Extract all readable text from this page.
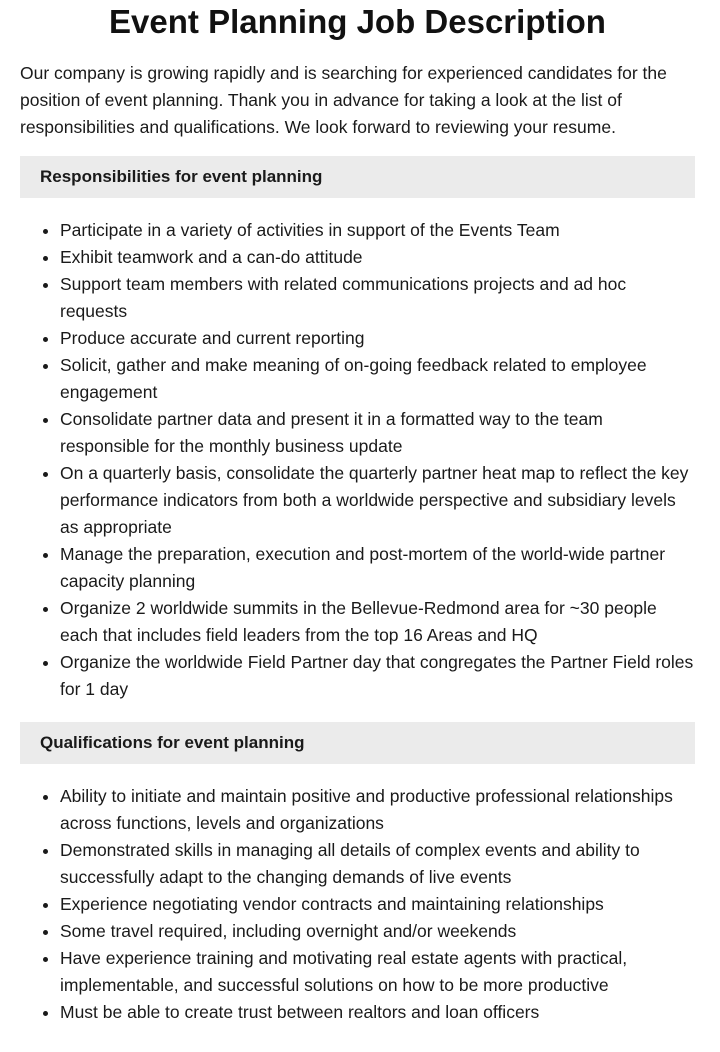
Event Planning Job Description

Our company is growing rapidly and is searching for experienced candidates for the position of event planning. Thank you in advance for taking a look at the list of responsibilities and qualifications. We look forward to reviewing your resume.

Responsibilities for event planning
• Participate in a variety of activities in support of the Events Team
• Exhibit teamwork and a can-do attitude
• Support team members with related communications projects and ad hoc requests
• Produce accurate and current reporting
• Solicit, gather and make meaning of on-going feedback related to employee engagement
• Consolidate partner data and present it in a formatted way to the team responsible for the monthly business update
• On a quarterly basis, consolidate the quarterly partner heat map to reflect the key performance indicators from both a worldwide perspective and subsidiary levels as appropriate
• Manage the preparation, execution and post-mortem of the world-wide partner capacity planning
• Organize 2 worldwide summits in the Bellevue-Redmond area for ~30 people each that includes field leaders from the top 16 Areas and HQ
• Organize the worldwide Field Partner day that congregates the Partner Field roles for 1 day
Qualifications for event planning
• Ability to initiate and maintain positive and productive professional relationships across functions, levels and organizations
• Demonstrated skills in managing all details of complex events and ability to successfully adapt to the changing demands of live events
• Experience negotiating vendor contracts and maintaining relationships
• Some travel required, including overnight and/or weekends
• Have experience training and motivating real estate agents with practical, implementable, and successful solutions on how to be more productive
• Must be able to create trust between realtors and loan officers
